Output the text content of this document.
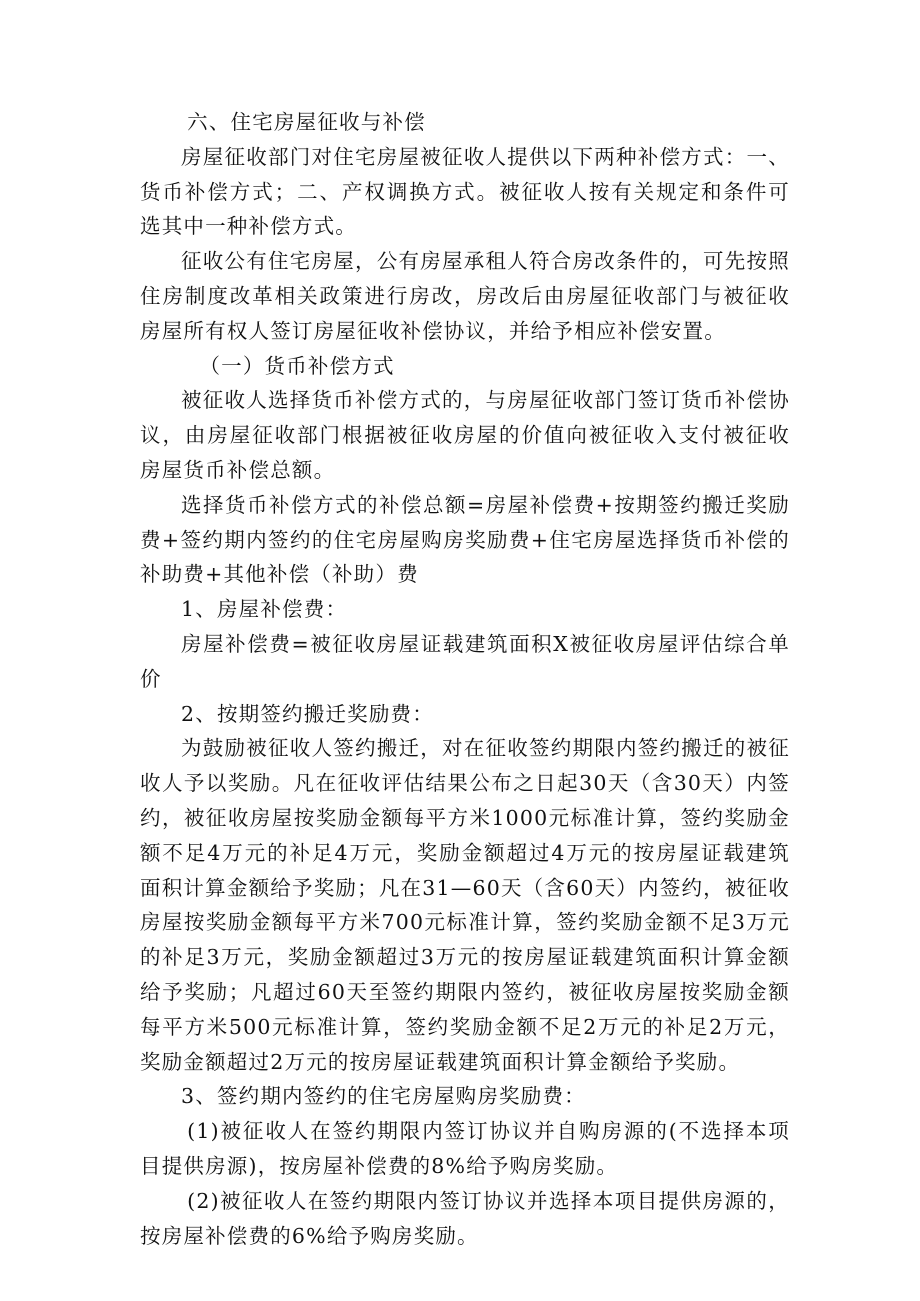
六、住宅房屋征收与补偿

房屋征收部门对住宅房屋被征收人提供以下两种补偿方式：一、货币补偿方式；二、产权调换方式。被征收人按有关规定和条件可选其中一种补偿方式。

征收公有住宅房屋，公有房屋承租人符合房改条件的，可先按照住房制度改革相关政策进行房改，房改后由房屋征收部门与被征收房屋所有权人签订房屋征收补偿协议，并给予相应补偿安置。

（一）货币补偿方式

被征收人选择货币补偿方式的，与房屋征收部门签订货币补偿协议，由房屋征收部门根据被征收房屋的价值向被征收入支付被征收房屋货币补偿总额。

选择货币补偿方式的补偿总额=房屋补偿费+按期签约搬迁奖励费+签约期内签约的住宅房屋购房奖励费+住宅房屋选择货币补偿的补助费+其他补偿（补助）费

1、房屋补偿费：

房屋补偿费=被征收房屋证载建筑面积X被征收房屋评估综合单价

2、按期签约搬迁奖励费：

为鼓励被征收人签约搬迁，对在征收签约期限内签约搬迁的被征收人予以奖励。凡在征收评估结果公布之日起30天（含30天）内签约，被征收房屋按奖励金额每平方米1000元标准计算，签约奖励金额不足4万元的补足4万元，奖励金额超过4万元的按房屋证载建筑面积计算金额给予奖励；凡在31—60天（含60天）内签约，被征收房屋按奖励金额每平方米700元标准计算，签约奖励金额不足3万元的补足3万元，奖励金额超过3万元的按房屋证载建筑面积计算金额给予奖励；凡超过60天至签约期限内签约，被征收房屋按奖励金额每平方米500元标准计算，签约奖励金额不足2万元的补足2万元，奖励金额超过2万元的按房屋证载建筑面积计算金额给予奖励。

3、签约期内签约的住宅房屋购房奖励费：

(1)被征收人在签约期限内签订协议并自购房源的(不选择本项目提供房源)，按房屋补偿费的8%给予购房奖励。

(2)被征收人在签约期限内签订协议并选择本项目提供房源的，按房屋补偿费的6%给予购房奖励。
